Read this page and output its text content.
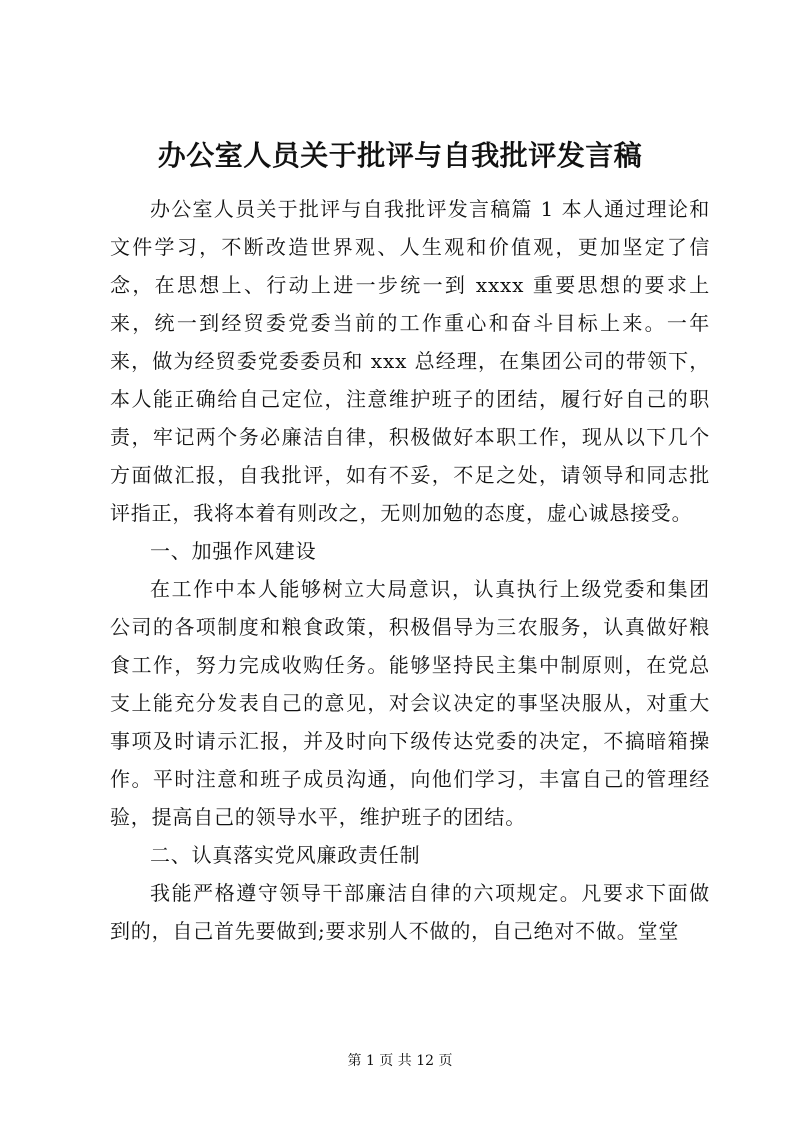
办公室人员关于批评与自我批评发言稿

办公室人员关于批评与自我批评发言稿篇 1 本人通过理论和文件学习，不断改造世界观、人生观和价值观，更加坚定了信念，在思想上、行动上进一步统一到 xxxx 重要思想的要求上来，统一到经贸委党委当前的工作重心和奋斗目标上来。一年来，做为经贸委党委委员和 xxx 总经理，在集团公司的带领下，本人能正确给自己定位，注意维护班子的团结，履行好自己的职责，牢记两个务必廉洁自律，积极做好本职工作，现从以下几个方面做汇报，自我批评，如有不妥，不足之处，请领导和同志批评指正，我将本着有则改之，无则加勉的态度，虚心诚恳接受。

一、加强作风建设

在工作中本人能够树立大局意识，认真执行上级党委和集团公司的各项制度和粮食政策，积极倡导为三农服务，认真做好粮食工作，努力完成收购任务。能够坚持民主集中制原则，在党总支上能充分发表自己的意见，对会议决定的事坚决服从，对重大事项及时请示汇报，并及时向下级传达党委的决定，不搞暗箱操作。平时注意和班子成员沟通，向他们学习，丰富自己的管理经验，提高自己的领导水平，维护班子的团结。

二、认真落实党风廉政责任制

我能严格遵守领导干部廉洁自律的六项规定。凡要求下面做到的，自己首先要做到;要求别人不做的，自己绝对不做。堂堂

第 1 页 共 12 页
